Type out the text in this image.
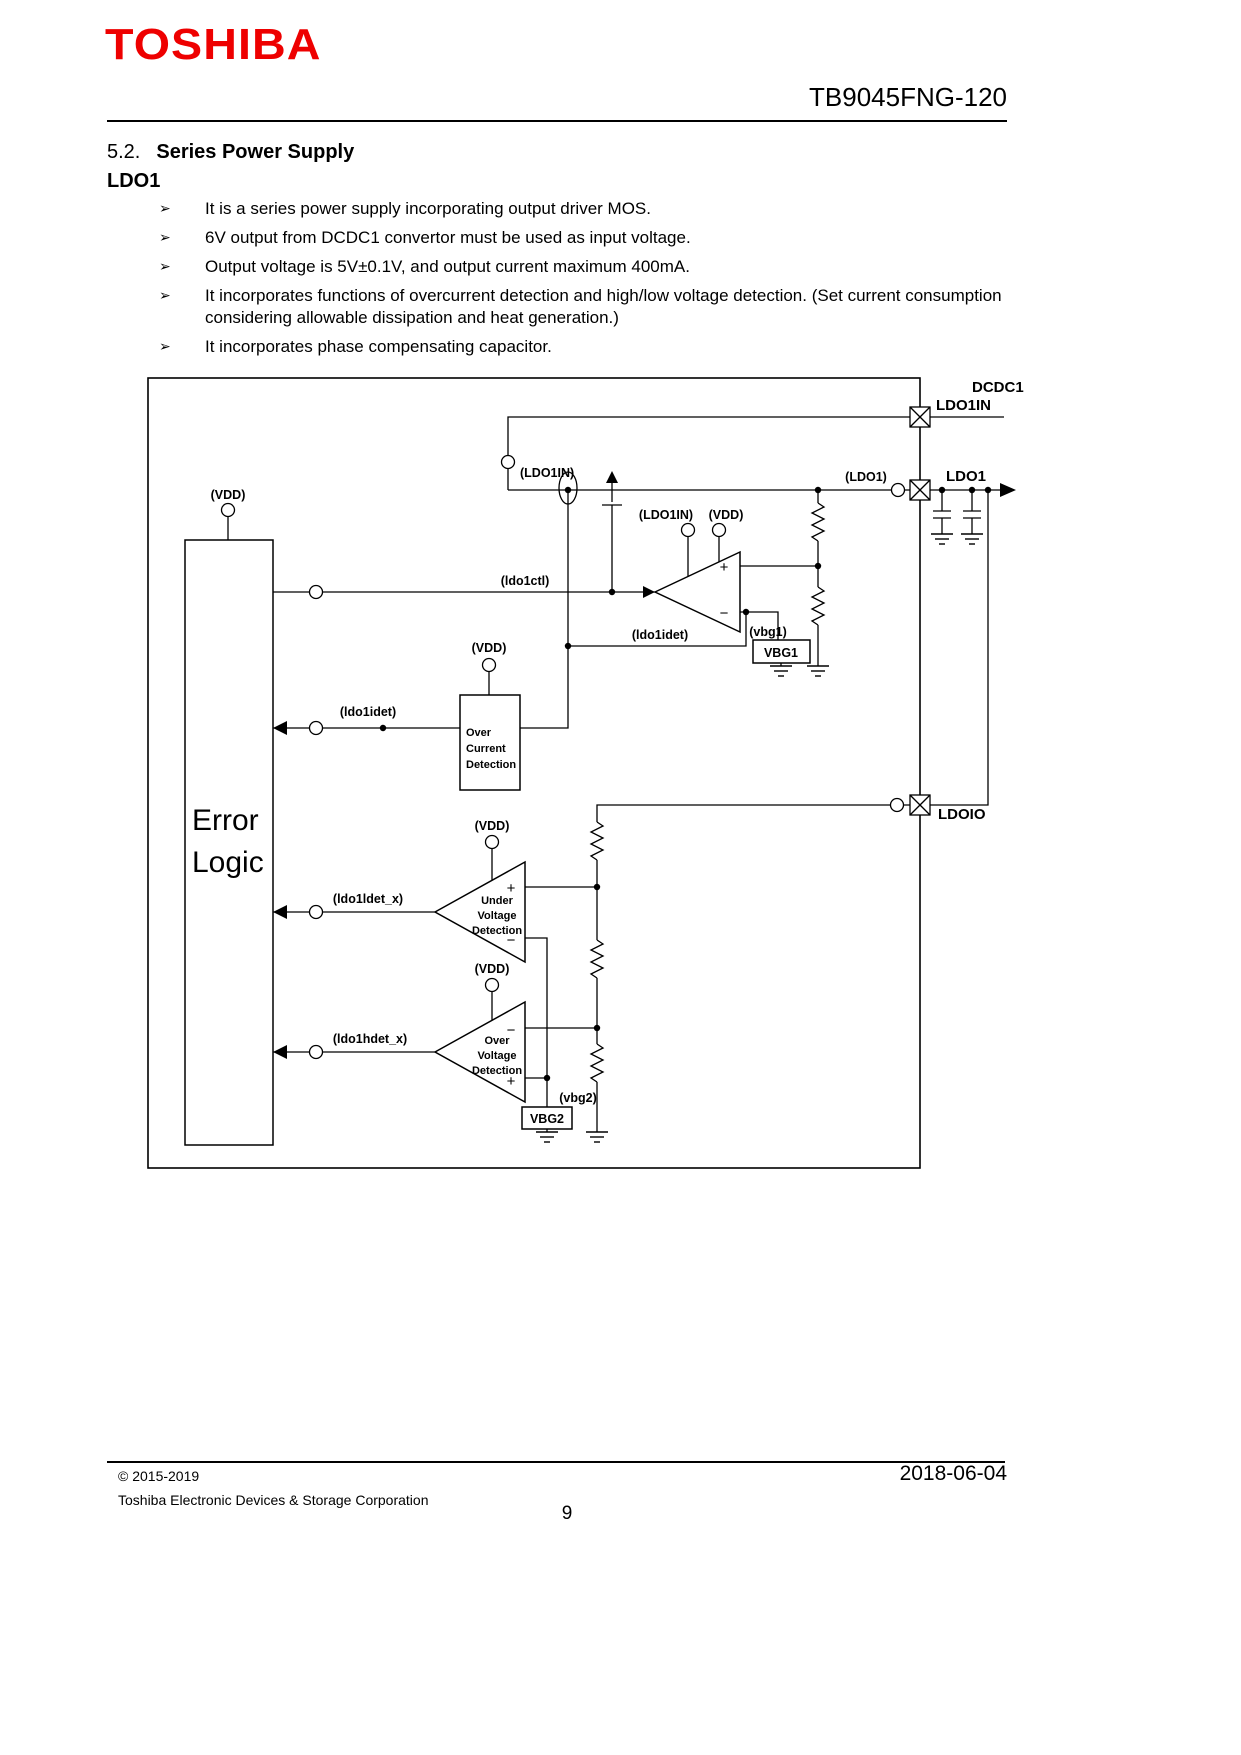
TOSHIBA
TB9045FNG-120
5.2. Series Power Supply
LDO1
➢ It is a series power supply incorporating output driver MOS.
➢ 6V output from DCDC1 convertor must be used as input voltage.
➢ Output voltage is 5V±0.1V, and output current maximum 400mA.
➢ It incorporates functions of overcurrent detection and high/low voltage detection. (Set current consumption considering allowable dissipation and heat generation.)
➢ It incorporates phase compensating capacitor.
Error
Logic
DCDC1
LDO1IN
LDO1
LDOIO
(VDD)
(LDO1IN)
(LDO1IN) (VDD)
(LDO1)
(ldo1ctl)
(ldo1idet)	(vbg1)
(VDD)
(ldo1idet)
(VDD)
(ldo1ldet_x)
(VDD)
(ldo1hdet_x)
(vbg2)
VBG1
VBG2
Over
Current
Detection
Under
Voltage
Detection
Over
Voltage
Detection
+
−
+
−
−
+
© 2015-2019
Toshiba Electronic Devices & Storage Corporation
2018-06-04
9
